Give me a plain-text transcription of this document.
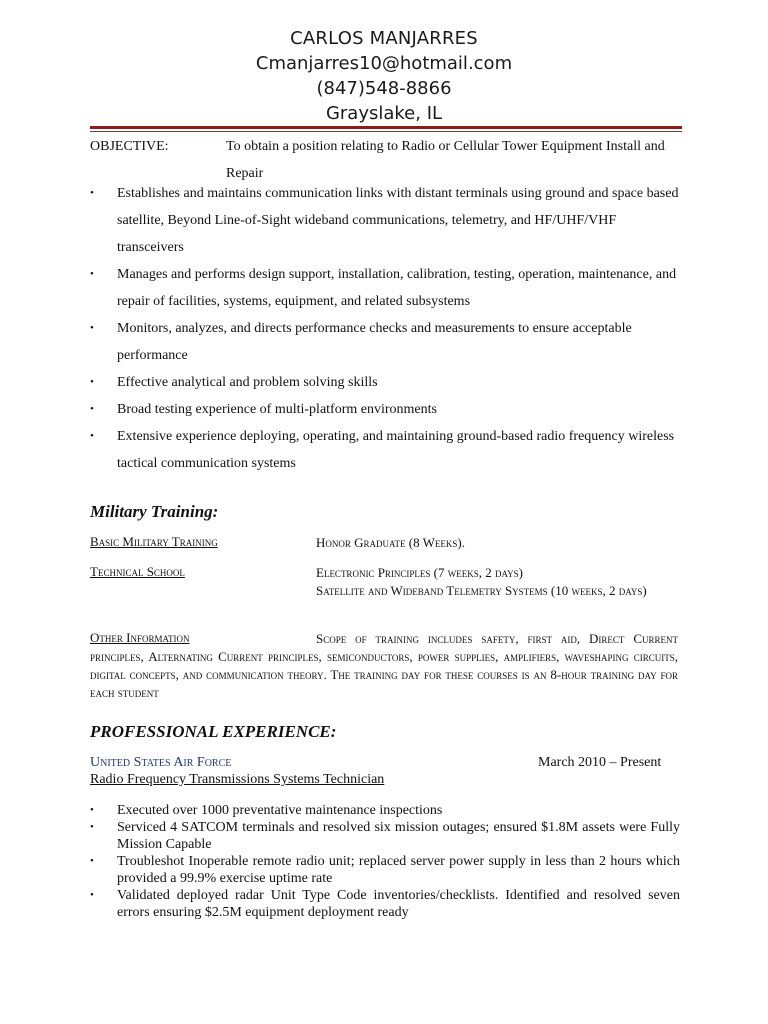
CARLOS MANJARRES
Cmanjarres10@hotmail.com
(847)548-8866
Grayslake, IL
OBJECTIVE:	To obtain a position relating to Radio or Cellular Tower Equipment Install and Repair
• Establishes and maintains communication links with distant terminals using ground and space based satellite, Beyond Line-of-Sight wideband communications, telemetry, and HF/UHF/VHF transceivers
• Manages and performs design support, installation, calibration, testing, operation, maintenance, and repair of facilities, systems, equipment, and related subsystems
• Monitors, analyzes, and directs performance checks and measurements to ensure acceptable performance
• Effective analytical and problem solving skills
• Broad testing experience of multi-platform environments
• Extensive experience deploying, operating, and maintaining ground-based radio frequency wireless tactical communication systems
Military Training:
Basic Military Training	Honor Graduate (8 Weeks).
Technical School	Electronic Principles (7 weeks, 2 days)
Satellite and Wideband Telemetry Systems (10 weeks, 2 days)
Other Information	Scope of training includes safety, first aid, Direct Current principles, Alternating Current principles, semiconductors, power supplies, amplifiers, waveshaping circuits, digital concepts, and communication theory. The training day for these courses is an 8-hour training day for each student
PROFESSIONAL EXPERIENCE:
United States Air Force	March 2010 – Present
Radio Frequency Transmissions Systems Technician
• Executed over 1000 preventative maintenance inspections
• Serviced 4 SATCOM terminals and resolved six mission outages; ensured $1.8M assets were Fully Mission Capable
• Troubleshot Inoperable remote radio unit; replaced server power supply in less than 2 hours which provided a 99.9% exercise uptime rate
• Validated deployed radar Unit Type Code inventories/checklists. Identified and resolved seven errors ensuring $2.5M equipment deployment ready
